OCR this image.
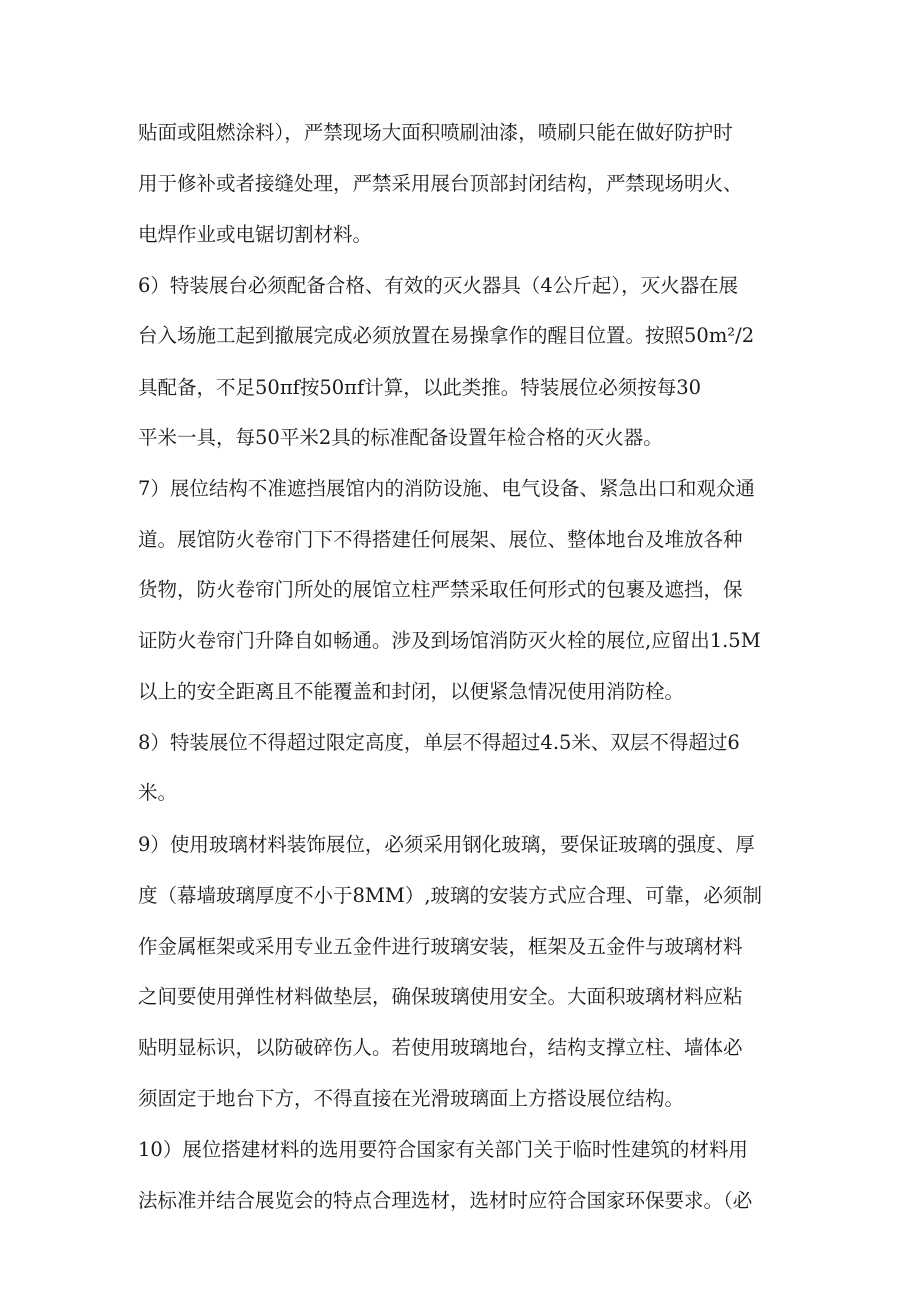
贴面或阻燃涂料），严禁现场大面积喷刷油漆，喷刷只能在做好防护时

用于修补或者接缝处理，严禁采用展台顶部封闭结构，严禁现场明火、

电焊作业或电锯切割材料。

6）特装展台必须配备合格、有效的灭火器具（4公斤起），灭火器在展

台入场施工起到撤展完成必须放置在易操拿作的醒目位置。按照50m²/2

具配备，不足50πf按50πf计算，以此类推。特装展位必须按每30

平米一具，每50平米2具的标准配备设置年检合格的灭火器。

7）展位结构不准遮挡展馆内的消防设施、电气设备、紧急出口和观众通

道。展馆防火卷帘门下不得搭建任何展架、展位、整体地台及堆放各种

货物，防火卷帘门所处的展馆立柱严禁采取任何形式的包裹及遮挡，保

证防火卷帘门升降自如畅通。涉及到场馆消防灭火栓的展位,应留出1.5M

以上的安全距离且不能覆盖和封闭，以便紧急情况使用消防栓。

8）特装展位不得超过限定高度，单层不得超过4.5米、双层不得超过6

米。

9）使用玻璃材料装饰展位，必须采用钢化玻璃，要保证玻璃的强度、厚

度（幕墙玻璃厚度不小于8MM）,玻璃的安装方式应合理、可靠，必须制

作金属框架或采用专业五金件进行玻璃安装，框架及五金件与玻璃材料

之间要使用弹性材料做垫层，确保玻璃使用安全。大面积玻璃材料应粘

贴明显标识，以防破碎伤人。若使用玻璃地台，结构支撑立柱、墙体必

须固定于地台下方，不得直接在光滑玻璃面上方搭设展位结构。

10）展位搭建材料的选用要符合国家有关部门关于临时性建筑的材料用

法标准并结合展览会的特点合理选材，选材时应符合国家环保要求。（必
